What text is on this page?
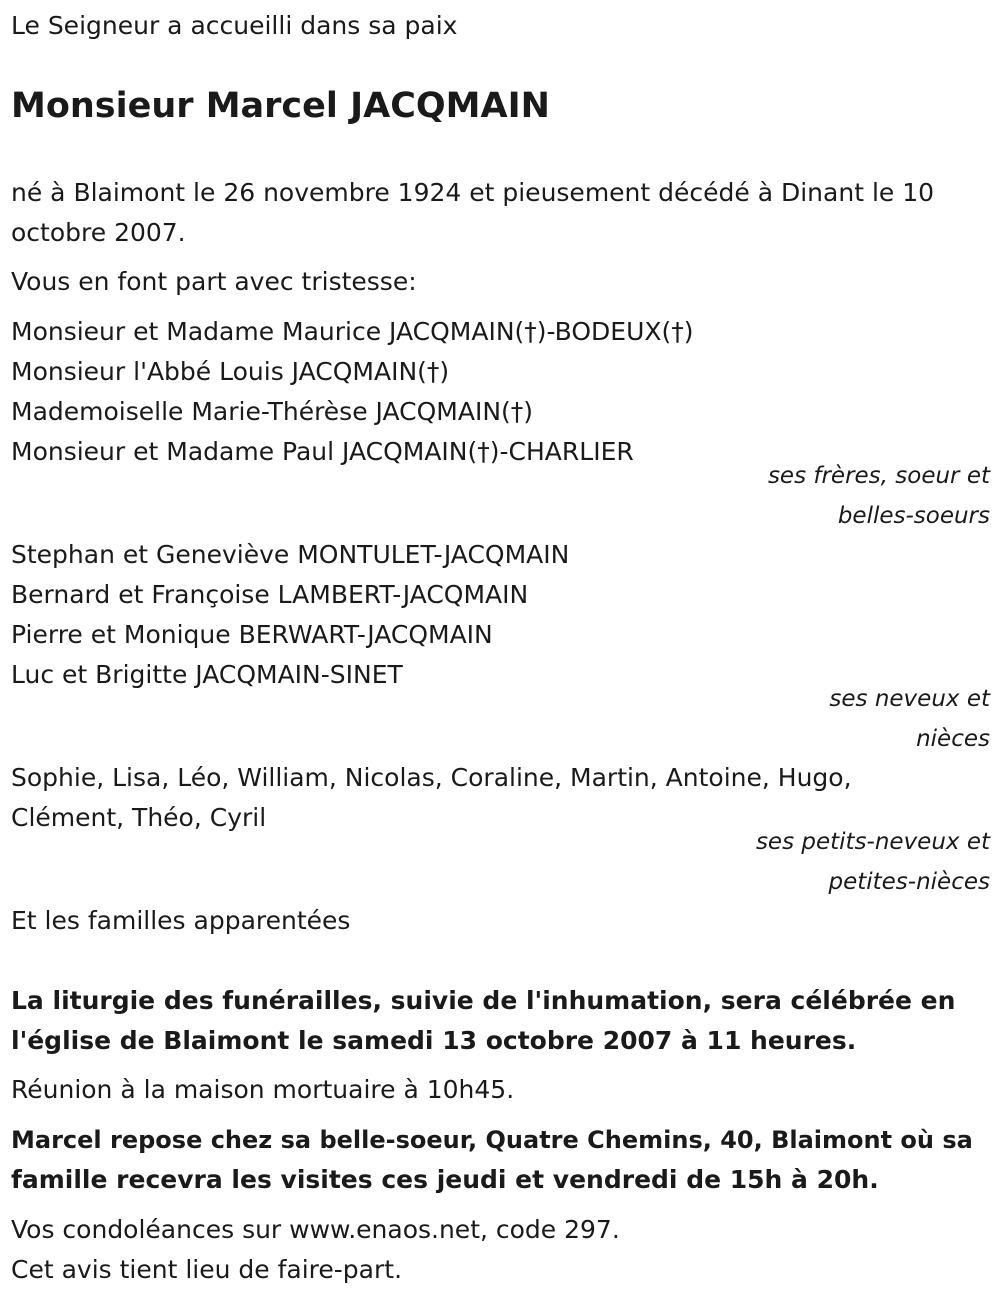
Le Seigneur a accueilli dans sa paix

Monsieur Marcel JACQMAIN

né à Blaimont le 26 novembre 1924 et pieusement décédé à Dinant le 10
octobre 2007.

Vous en font part avec tristesse:

Monsieur et Madame Maurice JACQMAIN(†)-BODEUX(†)
Monsieur l'Abbé Louis JACQMAIN(†)
Mademoiselle Marie-Thérèse JACQMAIN(†)
Monsieur et Madame Paul JACQMAIN(†)-CHARLIER

ses frères, soeur et
belles-soeurs

Stephan et Geneviève MONTULET-JACQMAIN
Bernard et Françoise LAMBERT-JACQMAIN
Pierre et Monique BERWART-JACQMAIN
Luc et Brigitte JACQMAIN-SINET

ses neveux et
nièces

Sophie, Lisa, Léo, William, Nicolas, Coraline, Martin, Antoine, Hugo,
Clément, Théo, Cyril

ses petits-neveux et
petites-nièces

Et les familles apparentées

La liturgie des funérailles, suivie de l'inhumation, sera célébrée en
l'église de Blaimont le samedi 13 octobre 2007 à 11 heures.

Réunion à la maison mortuaire à 10h45.

Marcel repose chez sa belle-soeur, Quatre Chemins, 40, Blaimont où sa
famille recevra les visites ces jeudi et vendredi de 15h à 20h.

Vos condoléances sur www.enaos.net, code 297.

Cet avis tient lieu de faire-part.
